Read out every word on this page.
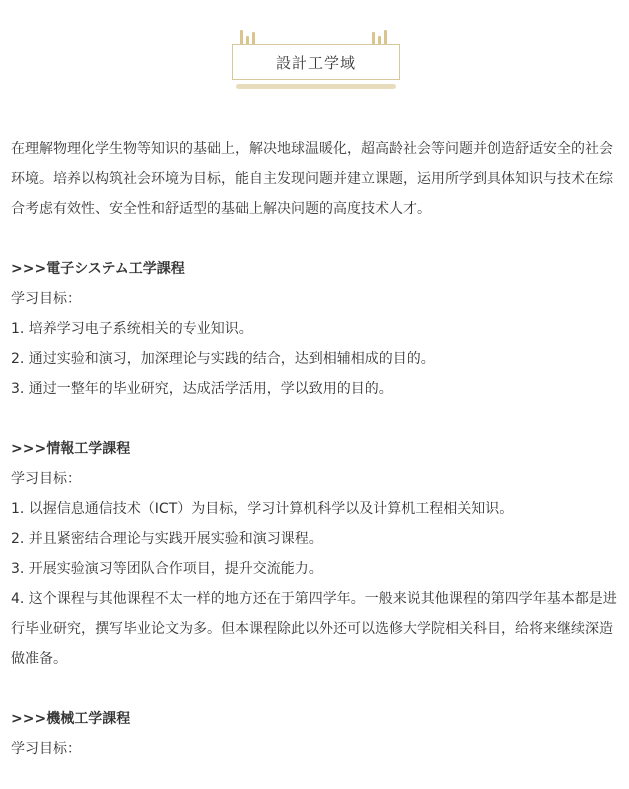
設計工学域

在理解物理化学生物等知识的基础上，解决地球温暖化，超高龄社会等问题并创造舒适安全的社会环境。培养以构筑社会环境为目标，能自主发现问题并建立课题，运用所学到具体知识与技术在综合考虑有效性、安全性和舒适型的基础上解决问题的高度技术人才。

>>>電子システム工学課程

学习目标：

1. 培养学习电子系统相关的专业知识。

2. 通过实验和演习，加深理论与实践的结合，达到相辅相成的目的。

3. 通过一整年的毕业研究，达成活学活用，学以致用的目的。

>>>情報工学課程

学习目标：

1. 以握信息通信技术（ICT）为目标，学习计算机科学以及计算机工程相关知识。

2. 并且紧密结合理论与实践开展实验和演习课程。

3. 开展实验演习等团队合作项目，提升交流能力。

4. 这个课程与其他课程不太一样的地方还在于第四学年。一般来说其他课程的第四学年基本都是进行毕业研究，撰写毕业论文为多。但本课程除此以外还可以选修大学院相关科目，给将来继续深造做准备。

>>>機械工学課程

学习目标：
